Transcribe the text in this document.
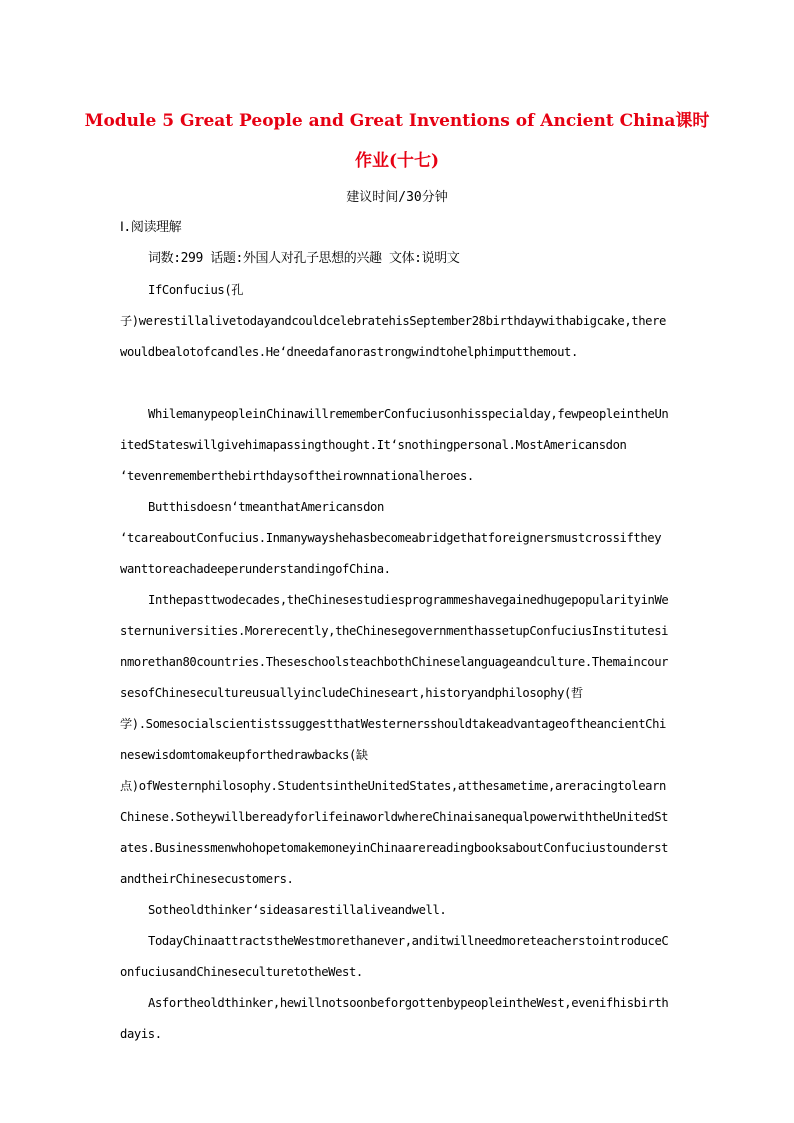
Module 5 Great People and Great Inventions of Ancient China课时
作业(十七)
建议时间/30分钟
Ⅰ.阅读理解
词数:299 话题:外国人对孔子思想的兴趣 文体:说明文
IfConfucius(孔
子)werestillalivetodayandcouldcelebratehisSeptember28birthdaywithabigcake,there
wouldbealotofcandles.He‘dneedafanorastrongwindtohelphimputthemout.
WhilemanypeopleinChinawillrememberConfuciusonhisspecialday,fewpeopleintheUn
itedStateswillgivehimapassingthought.It‘snothingpersonal.MostAmericansdon
‘tevenrememberthebirthdaysoftheirownnationalheroes.
Butthisdoesn‘tmeanthatAmericansdon
‘tcareaboutConfucius.Inmanywayshehasbecomeabridgethatforeignersmustcrossifthey
wanttoreachadeeperunderstandingofChina.
Inthepasttwodecades,theChinesestudiesprogrammeshavegainedhugepopularityinWe
sternuniversities.Morerecently,theChinesegovernmenthassetupConfuciusInstitutesi
nmorethan80countries.TheseschoolsteachbothChineselanguageandculture.Themaincour
sesofChinesecultureusuallyincludeChineseart,historyandphilosophy(哲
学).SomesocialscientistssuggestthatWesternersshouldtakeadvantageoftheancientChi
nesewisdomtomakeupforthedrawbacks(缺
点)ofWesternphilosophy.StudentsintheUnitedStates,atthesametime,areracingtolearn
Chinese.SotheywillbereadyforlifeinaworldwhereChinaisanequalpowerwiththeUnitedSt
ates.BusinessmenwhohopetomakemoneyinChinaarereadingbooksaboutConfuciustounderst
andtheirChinesecustomers.
Sotheoldthinker‘sideasarestillaliveandwell.
TodayChinaattractstheWestmorethanever,anditwillneedmoreteacherstointroduceC
onfuciusandChineseculturetotheWest.
Asfortheoldthinker,hewillnotsoonbeforgottenbypeopleintheWest,evenifhisbirth
dayis.
